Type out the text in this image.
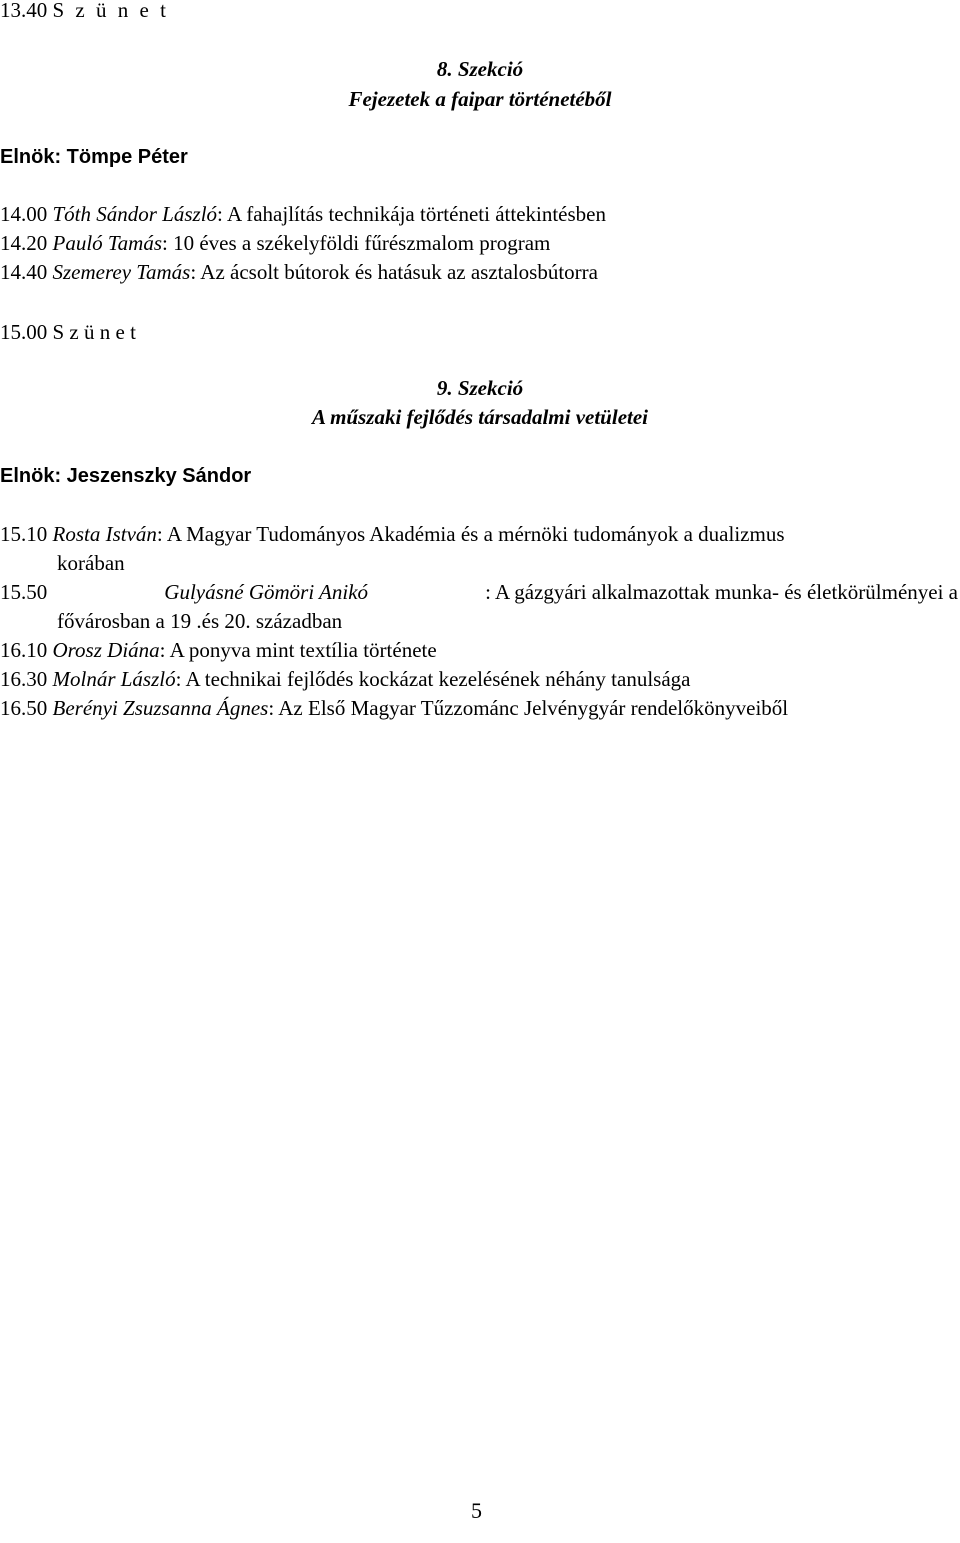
13.40 S z ü n e t
8. Szekció
Fejezetek a faipar történetéből
Elnök: Tömpe Péter
14.00 Tóth Sándor László: A fahajlítás technikája történeti áttekintésben
14.20 Pauló Tamás: 10 éves a székelyföldi fűrészmalom program
14.40 Szemerey Tamás: Az ácsolt bútorok és hatásuk az asztalosbútorra
15.00 S z ü n e t
9. Szekció
A műszaki fejlődés társadalmi vetületei
Elnök: Jeszenszky Sándor
15.10 Rosta István: A Magyar Tudományos Akadémia és a mérnöki tudományok a dualizmus
korában
15.50	Gulyásné Gömöri Anikó	: A gázgyári alkalmazottak munka- és életkörülményei a
fővárosban a 19 .és 20. században
16.10 Orosz Diána: A ponyva mint textília története
16.30 Molnár László: A technikai fejlődés kockázat kezelésének néhány tanulsága
16.50 Berényi Zsuzsanna Ágnes: Az Első Magyar Tűzzománc Jelvénygyár rendelőkönyveiből
5
